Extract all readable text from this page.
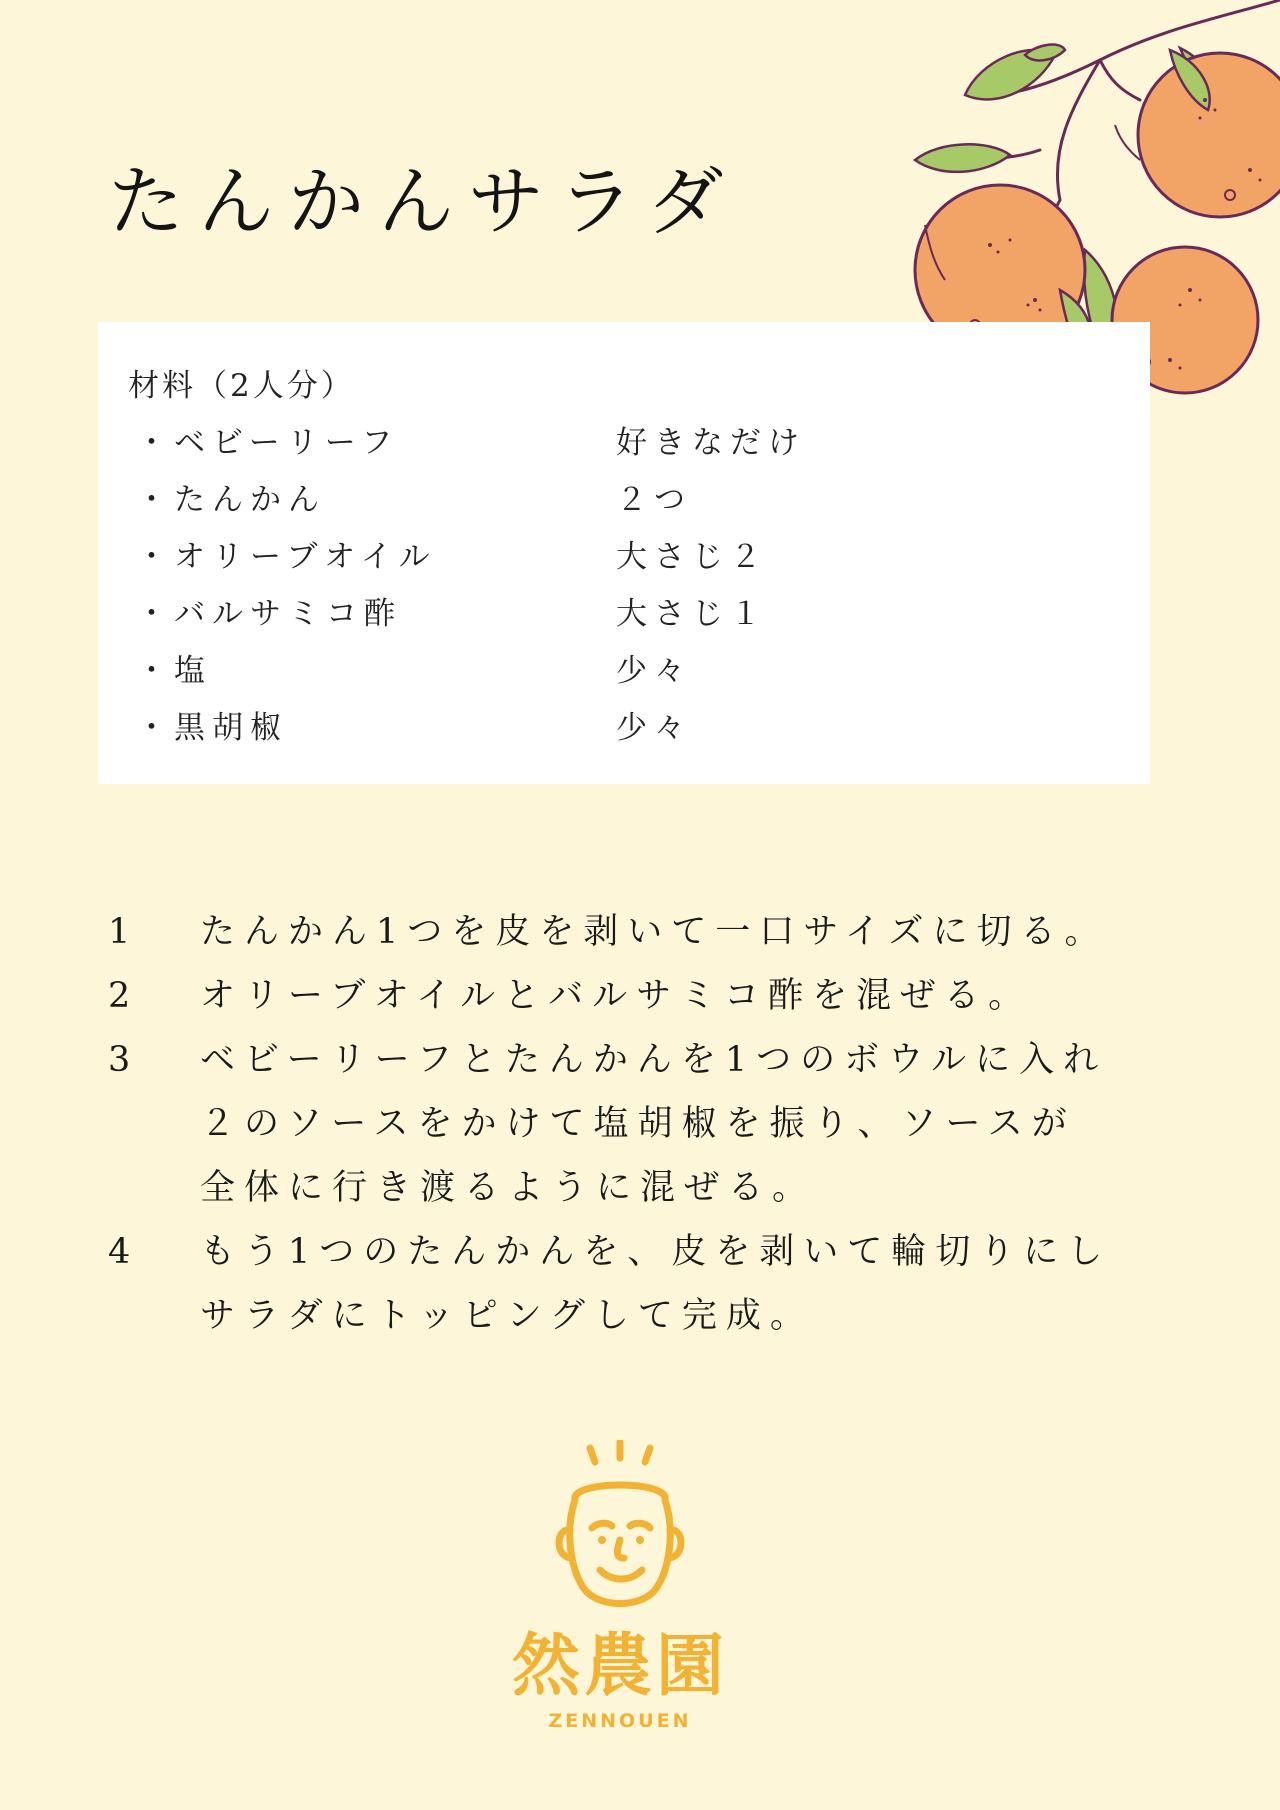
たんかんサラダ
材料（2人分）
・ベビーリーフ	好きなだけ
・たんかん	２つ
・オリーブオイル	大さじ２
・バルサミコ酢	大さじ１
・塩	少々
・黒胡椒	少々
1	たんかん1つを皮を剥いて一口サイズに切る。
2	オリーブオイルとバルサミコ酢を混ぜる。
3	ベビーリーフとたんかんを1つのボウルに入れ
２のソースをかけて塩胡椒を振り、ソースが
全体に行き渡るように混ぜる。
4	もう1つのたんかんを、皮を剥いて輪切りにし
サラダにトッピングして完成。
然農園
ZENNOUEN
